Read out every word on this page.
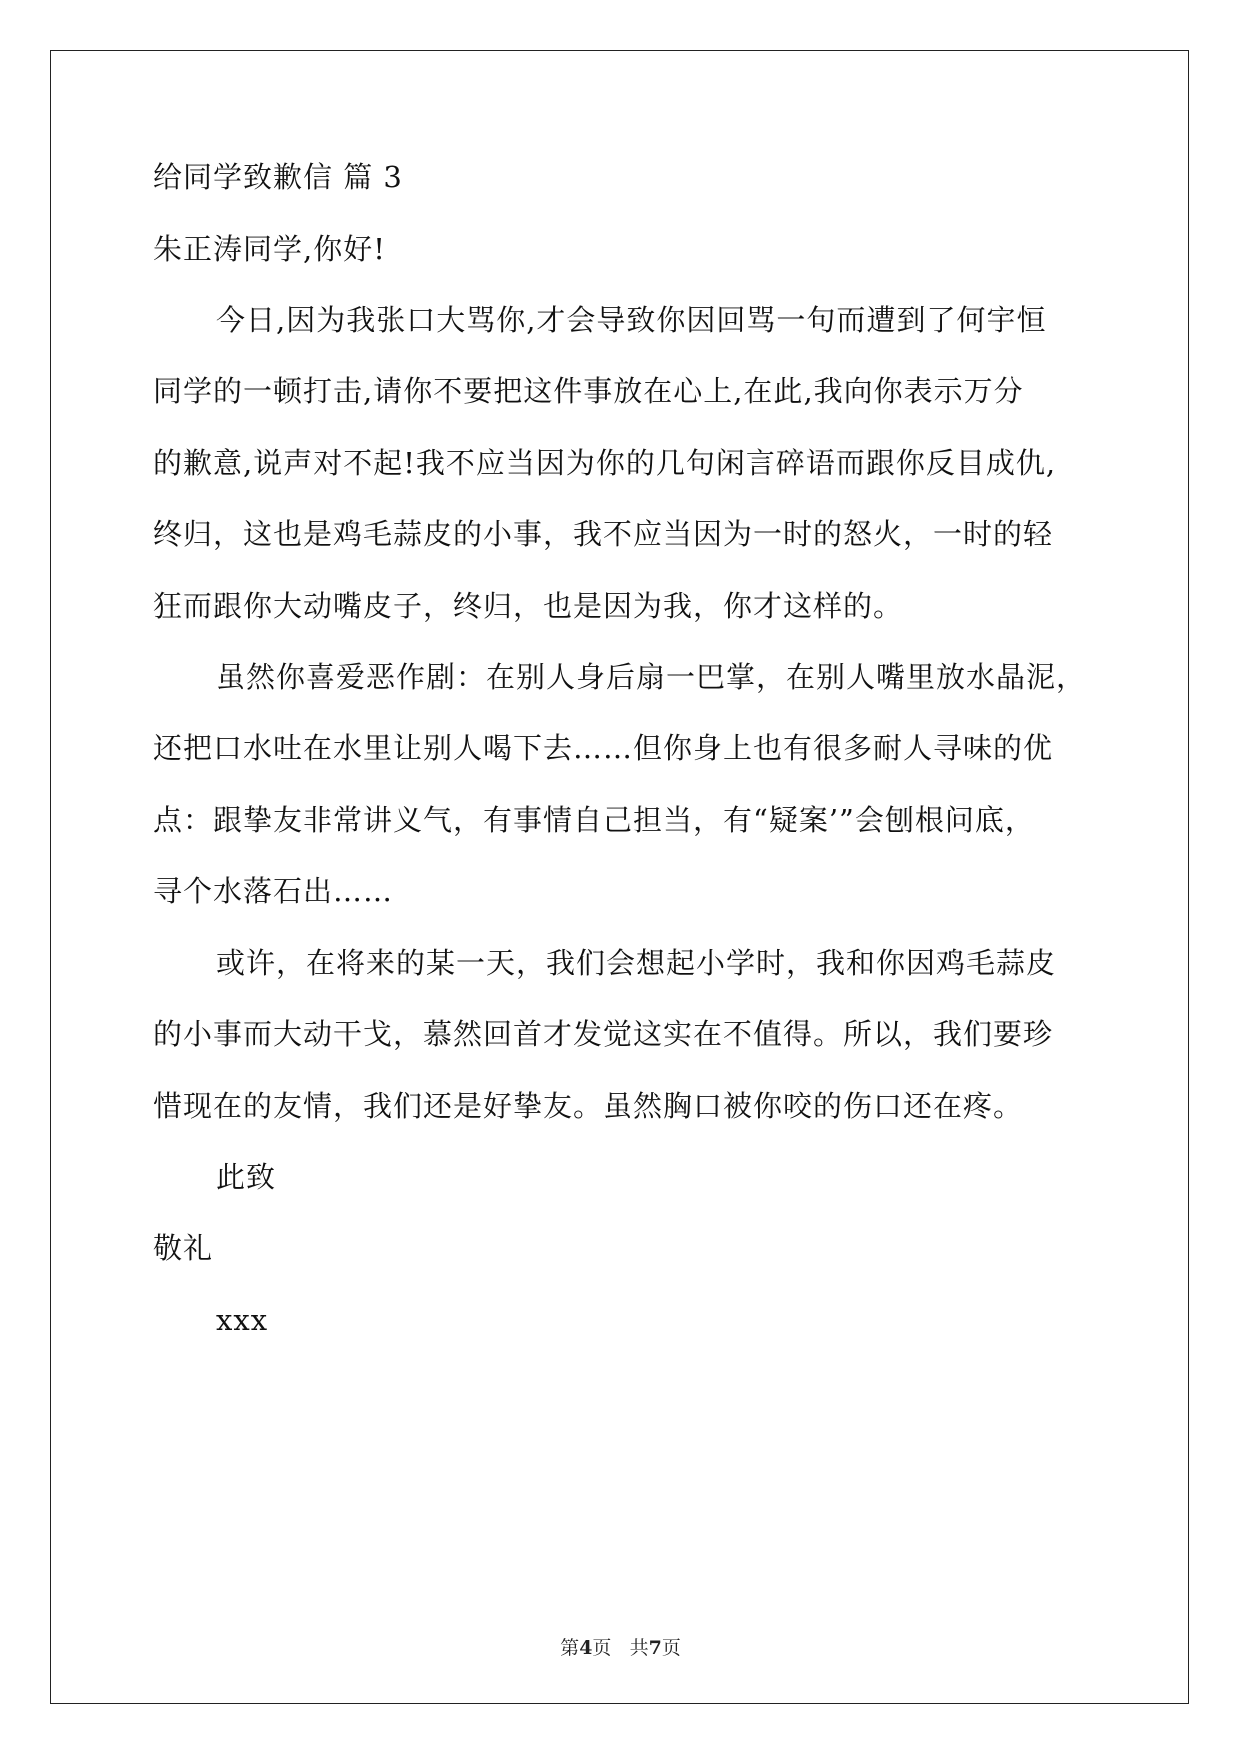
给同学致歉信 篇 3
朱正涛同学,你好!
今日,因为我张口大骂你,才会导致你因回骂一句而遭到了何宇恒
同学的一顿打击,请你不要把这件事放在心上,在此,我向你表示万分
的歉意,说声对不起!我不应当因为你的几句闲言碎语而跟你反目成仇,
终归，这也是鸡毛蒜皮的小事，我不应当因为一时的怒火，一时的轻
狂而跟你大动嘴皮子，终归，也是因为我，你才这样的。
虽然你喜爱恶作剧：在别人身后扇一巴掌，在别人嘴里放水晶泥，
还把口水吐在水里让别人喝下去……但你身上也有很多耐人寻味的优
点：跟挚友非常讲义气，有事情自己担当，有“疑案’”会刨根问底，
寻个水落石出……
或许，在将来的某一天，我们会想起小学时，我和你因鸡毛蒜皮
的小事而大动干戈，慕然回首才发觉这实在不值得。所以，我们要珍
惜现在的友情，我们还是好挚友。虽然胸口被你咬的伤口还在疼。
此致
敬礼
xxx
第4页 共7页
